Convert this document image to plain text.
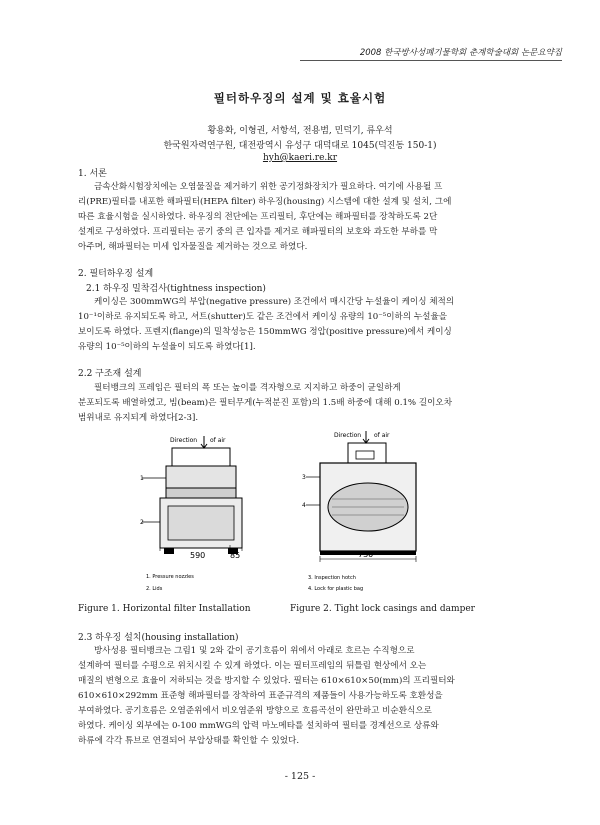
2008 한국방사성폐기물학회 춘계학술대회 논문요약집
필터하우징의 설계 및 효율시험
황용화, 이형권, 서항석, 전용범, 민덕기, 류우석
한국원자력연구원, 대전광역시 유성구 대덕대로 1045(덕진동 150-1)
hyh@kaeri.re.kr
1. 서론

금속산화시험장치에는 오염물질을 제거하기 위한 공기정화장치가 필요하다. 여기에 사용될 프

리(PRE)필터를 내포한 해파필터(HEPA filter) 하우징(housing) 시스템에 대한 설계 및 설치, 그에

따른 효율시험을 실시하였다. 하우징의 전단에는 프리필터, 후단에는 해파필터를 장착하도록 2단

설계로 구성하였다. 프리필터는 공기 중의 큰 입자를 제거로 해파필터의 보호와 과도한 부하를 막

아주며, 해파필터는 미세 입자물질을 제거하는 것으로 하였다.

2. 필터하우징 설계
2.1 하우징 밀착검사(tightness inspection)

케이싱은 300mmWG의 부압(negative pressure) 조건에서 매시간당 누설율이 케이싱 체적의

10⁻¹이하로 유지되도록 하고, 셔트(shutter)도 같은 조건에서 케이싱 유량의 10⁻⁵이하의 누설율을

보이도록 하였다. 프렌지(flange)의 밀착성능은 150mmWG 정압(positive pressure)에서 케이싱

유량의 10⁻⁵이하의 누설율이 되도록 하였다[1].

2.2 구조재 설계

필터뱅크의 프레임은 필터의 폭 또는 높이를 격자형으로 지지하고 하중이 균일하게

분포되도록 배열하였고, 빔(beam)은 필터무게(누적분진 포함)의 1.5배 하중에 대해 0.1% 길이오차

범위내로 유지되게 하였다[2-3].

Direction of air
1
2
590	85
1. Pressure nozzles
2. Lids
Direction of air
3
4
730
3. Inspection hotch
4. Lock for plastic bag
Figure 1. Horizontal filter Installation	Figure 2. Tight lock casings and damper
2.3 하우징 설치(housing installation)

방사성용 필터뱅크는 그림1 및 2와 같이 공기흐름이 위에서 아래로 흐르는 수직형으로

설계하여 필터를 수평으로 위치시킬 수 있게 하였다. 이는 필터프레임의 뒤틀림 현상에서 오는

매질의 변형으로 효율이 저하되는 것을 방지할 수 있었다. 필터는 610×610×50(mm)의 프리필터와

610×610×292mm 표준형 해파필터를 장착하여 표준규격의 제품들이 사용가능하도록 호환성을

부여하였다. 공기흐름은 오염준위에서 비오염준위 방향으로 흐름곡선이 완만하고 비순환식으로

하였다. 케이싱 외부에는 0-100 mmWG의 압력 마노메타를 설치하여 필터를 경계선으로 상류와

하류에 각각 튜브로 연결되어 부압상태를 확인할 수 있었다.

- 125 -
